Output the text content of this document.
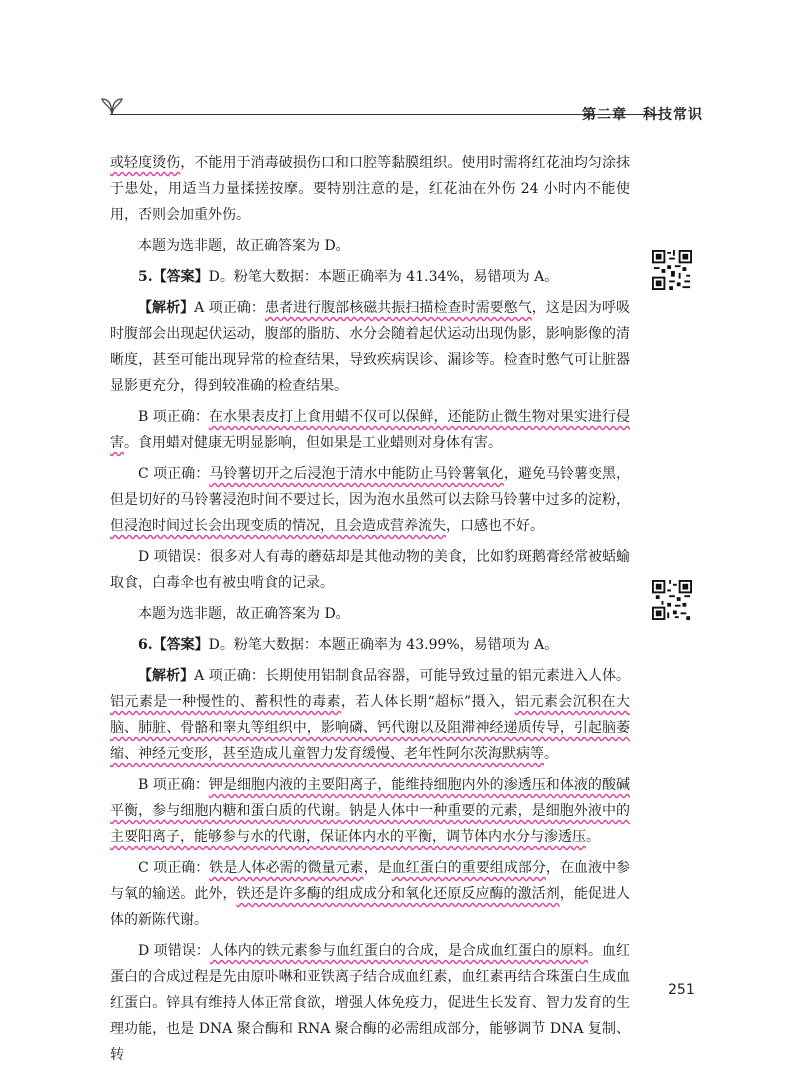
第二章 科技常识

或轻度烫伤，不能用于消毒破损伤口和口腔等黏膜组织。使用时需将红花油均匀涂抹于患处，用适当力量揉搓按摩。要特别注意的是，红花油在外伤 24 小时内不能使用，否则会加重外伤。

本题为选非题，故正确答案为 D。

5.【答案】D。粉笔大数据：本题正确率为 41.34%，易错项为 A。

【解析】A 项正确：患者进行腹部核磁共振扫描检查时需要憋气，这是因为呼吸时腹部会出现起伏运动，腹部的脂肪、水分会随着起伏运动出现伪影，影响影像的清晰度，甚至可能出现异常的检查结果，导致疾病误诊、漏诊等。检查时憋气可让脏器显影更充分，得到较准确的检查结果。

B 项正确：在水果表皮打上食用蜡不仅可以保鲜，还能防止微生物对果实进行侵害。食用蜡对健康无明显影响，但如果是工业蜡则对身体有害。

C 项正确：马铃薯切开之后浸泡于清水中能防止马铃薯氧化，避免马铃薯变黑，但是切好的马铃薯浸泡时间不要过长，因为泡水虽然可以去除马铃薯中过多的淀粉，但浸泡时间过长会出现变质的情况，且会造成营养流失，口感也不好。

D 项错误：很多对人有毒的蘑菇却是其他动物的美食，比如豹斑鹅膏经常被蛞蝓取食，白毒伞也有被虫啃食的记录。

本题为选非题，故正确答案为 D。

6.【答案】D。粉笔大数据：本题正确率为 43.99%，易错项为 A。

【解析】A 项正确：长期使用铝制食品容器，可能导致过量的铝元素进入人体。铝元素是一种慢性的、蓄积性的毒素，若人体长期“超标”摄入，铝元素会沉积在大脑、肺脏、骨骼和睾丸等组织中，影响磷、钙代谢以及阻滞神经递质传导，引起脑萎缩、神经元变形，甚至造成儿童智力发育缓慢、老年性阿尔茨海默病等。

B 项正确：钾是细胞内液的主要阳离子，能维持细胞内外的渗透压和体液的酸碱平衡，参与细胞内糖和蛋白质的代谢。钠是人体中一种重要的元素，是细胞外液中的主要阳离子，能够参与水的代谢，保证体内水的平衡，调节体内水分与渗透压。

C 项正确：铁是人体必需的微量元素，是血红蛋白的重要组成部分，在血液中参与氧的输送。此外，铁还是许多酶的组成成分和氧化还原反应酶的激活剂，能促进人体的新陈代谢。

D 项错误：人体内的铁元素参与血红蛋白的合成，是合成血红蛋白的原料。血红蛋白的合成过程是先由原卟啉和亚铁离子结合成血红素，血红素再结合珠蛋白生成血红蛋白。锌具有维持人体正常食欲，增强人体免疫力，促进生长发育、智力发育的生理功能，也是 DNA 聚合酶和 RNA 聚合酶的必需组成部分，能够调节 DNA 复制、转

251
